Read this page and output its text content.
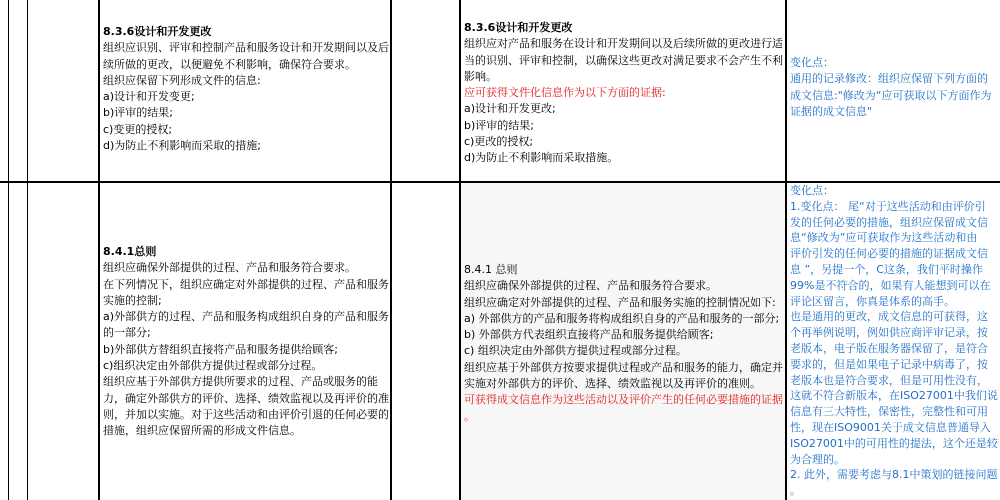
8.3.6设计和开发更改
组织应识别、评审和控制产品和服务设计和开发期间以及后
续所做的更改，以便避免不利影响，确保符合要求。
组织应保留下列形成文件的信息:
a)设计和开发变更;
b)评审的结果;
c)变更的授权;
d)为防止不利影响而采取的措施;
8.3.6设计和开发更改
组织应对产品和服务在设计和开发期间以及后续所做的更改进行适
当的识别、评审和控制，以确保这些更改对满足要求不会产生不利
影响。
应可获得文件化信息作为以下方面的证据:
a)设计和开发更改;
b)评审的结果;
c)更改的授权;
d)为防止不利影响而采取措施。
变化点：
通用的记录修改：组织应保留下列方面的
成文信息:"修改为“应可获取以下方面作为
证据的成文信息"
8.4.1总则
组织应确保外部提供的过程、产品和服务符合要求。
在下列情况下，组织应确定对外部提供的过程、产品和服务
实施的控制;
a)外部供方的过程、产品和服务构成组织自身的产品和服务
的一部分;
b)外部供方替组织直接将产品和服务提供给顾客;
c)组织决定由外部供方提供过程或部分过程。
组织应基于外部供方提供所要求的过程、产品或服务的能
力，确定外部供方的评价、选择、绩效监视以及再评价的准
则，并加以实施。对于这些活动和由评价引退的任何必要的
措施，组织应保留所需的形成文件信息。
8.4.1 总则
组织应确保外部提供的过程、产品和服务符合要求。
组织应确定对外部提供的过程、产品和服务实施的控制情况如下:
a) 外部供方的产品和服务将构成组织自身的产品和服务的一部分;
b) 外部供方代表组织直接将产品和服务提供给顾客;
c) 组织决定由外部供方提供过程或部分过程。
组织应基于外部供方按要求提供过程或产品和服务的能力，确定并
实施对外部供方的评价、选择、绩效监视以及再评价的准则。
可获得成文信息作为这些活动以及评价产生的任何必要措施的证据
。
变化点：
1.变化点： 尾“对于这些活动和由评价引
发的任何必要的措施，组织应保留成文信
息“修改为”应可获取作为这些活动和由
评价引发的任何必要的措施的证据成文信
息 ”，另提一个，C这条，我们平时操作
99%是不符合的，如果有人能想到可以在
评论区留言，你真是体系的高手。
也是通用的更改，成文信息的可获得，这
个再举例说明，例如供应商评审记录，按
老版本，电子版在服务器保留了，是符合
要求的，但是如果电子记录中病毒了，按
老版本也是符合要求，但是可用性没有，
这就不符合新版本，在ISO27001中我们说
信息有三大特性，保密性，完整性和可用
性，现在ISO9001关于成文信息普通导入
ISO27001中的可用性的提法，这个还是较
为合理的。
2. 此外，需要考虑与8.1中策划的链接问题
。
